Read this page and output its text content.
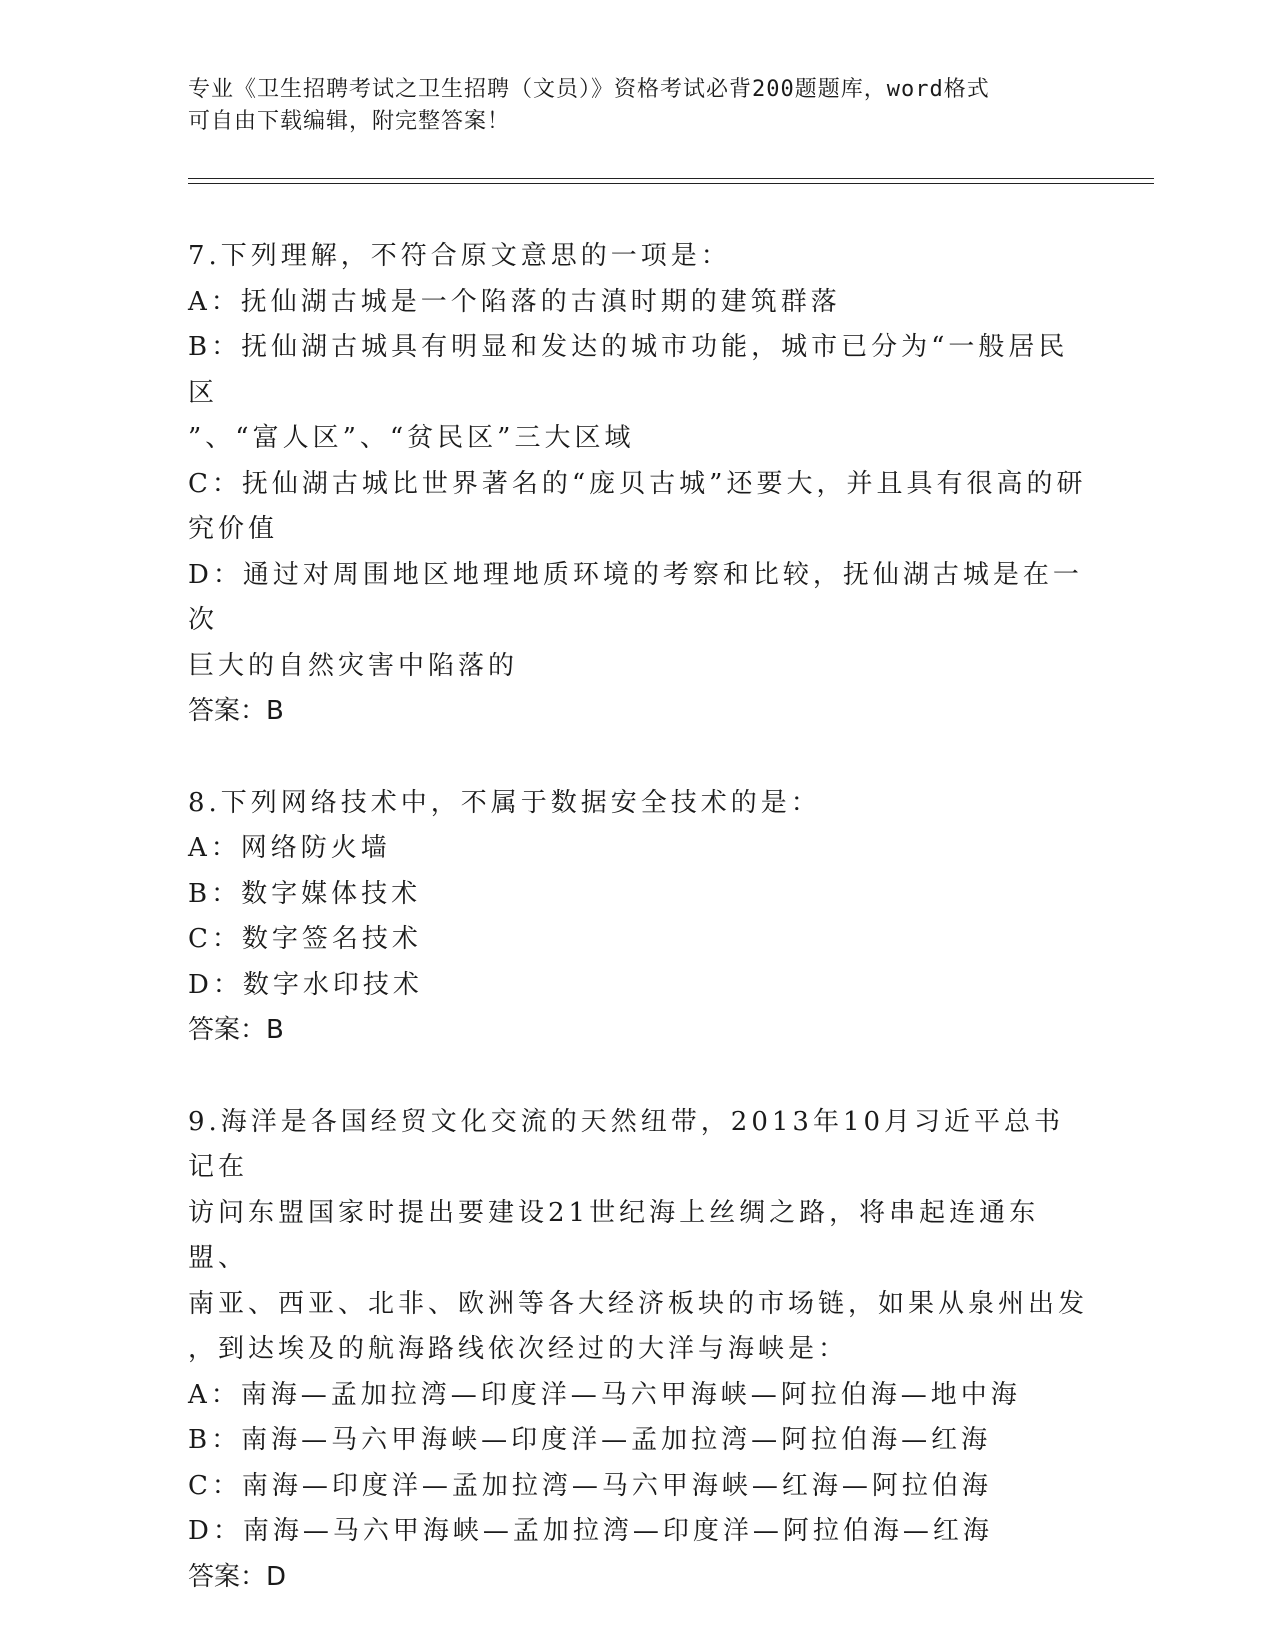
专业《卫生招聘考试之卫生招聘（文员）》资格考试必背200题题库，word格式
可自由下载编辑，附完整答案！
7.下列理解，不符合原文意思的一项是：
A：抚仙湖古城是一个陷落的古滇时期的建筑群落
B：抚仙湖古城具有明显和发达的城市功能，城市已分为“一般居民区
”、“富人区”、“贫民区”三大区域
C：抚仙湖古城比世界著名的“庞贝古城”还要大，并且具有很高的研
究价值
D：通过对周围地区地理地质环境的考察和比较，抚仙湖古城是在一次
巨大的自然灾害中陷落的
答案：B
8.下列网络技术中，不属于数据安全技术的是：
A：网络防火墙
B：数字媒体技术
C：数字签名技术
D：数字水印技术
答案：B
9.海洋是各国经贸文化交流的天然纽带，2013年10月习近平总书记在
访问东盟国家时提出要建设21世纪海上丝绸之路，将串起连通东盟、
南亚、西亚、北非、欧洲等各大经济板块的市场链，如果从泉州出发
，到达埃及的航海路线依次经过的大洋与海峡是：
A：南海—孟加拉湾—印度洋—马六甲海峡—阿拉伯海—地中海
B：南海—马六甲海峡—印度洋—孟加拉湾—阿拉伯海—红海
C：南海—印度洋—孟加拉湾—马六甲海峡—红海—阿拉伯海
D：南海—马六甲海峡—孟加拉湾—印度洋—阿拉伯海—红海
答案：D
